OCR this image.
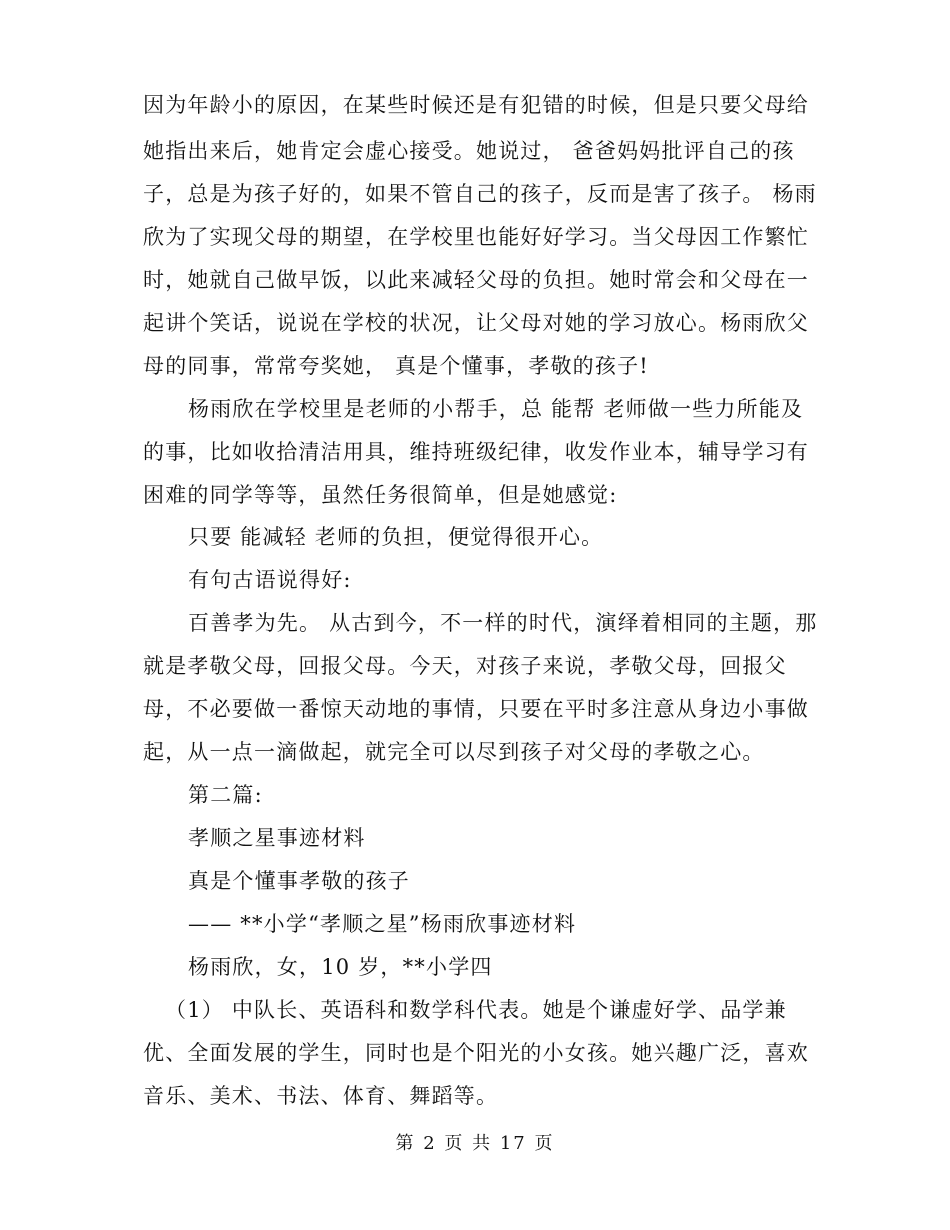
因为年龄小的原因，在某些时候还是有犯错的时候，但是只要父母给
她指出来后，她肯定会虚心接受。她说过， 爸爸妈妈批评自己的孩
子，总是为孩子好的，如果不管自己的孩子，反而是害了孩子。 杨雨
欣为了实现父母的期望，在学校里也能好好学习。当父母因工作繁忙
时，她就自己做早饭，以此来减轻父母的负担。她时常会和父母在一
起讲个笑话，说说在学校的状况，让父母对她的学习放心。杨雨欣父
母的同事，常常夸奖她， 真是个懂事，孝敬的孩子!
杨雨欣在学校里是老师的小帮手，总 能帮 老师做一些力所能及
的事，比如收拾清洁用具，维持班级纪律，收发作业本，辅导学习有
困难的同学等等，虽然任务很简单，但是她感觉:
只要 能减轻 老师的负担，便觉得很开心。
有句古语说得好:
百善孝为先。 从古到今，不一样的时代，演绎着相同的主题，那
就是孝敬父母，回报父母。今天，对孩子来说，孝敬父母，回报父
母，不必要做一番惊天动地的事情，只要在平时多注意从身边小事做
起，从一点一滴做起，就完全可以尽到孩子对父母的孝敬之心。
第二篇:
孝顺之星事迹材料
真是个懂事孝敬的孩子
—— **小学“孝顺之星”杨雨欣事迹材料
杨雨欣，女，10 岁，**小学四
（1） 中队长、英语科和数学科代表。她是个谦虚好学、品学兼
优、全面发展的学生，同时也是个阳光的小女孩。她兴趣广泛，喜欢
音乐、美术、书法、体育、舞蹈等。
第 2 页 共 17 页
